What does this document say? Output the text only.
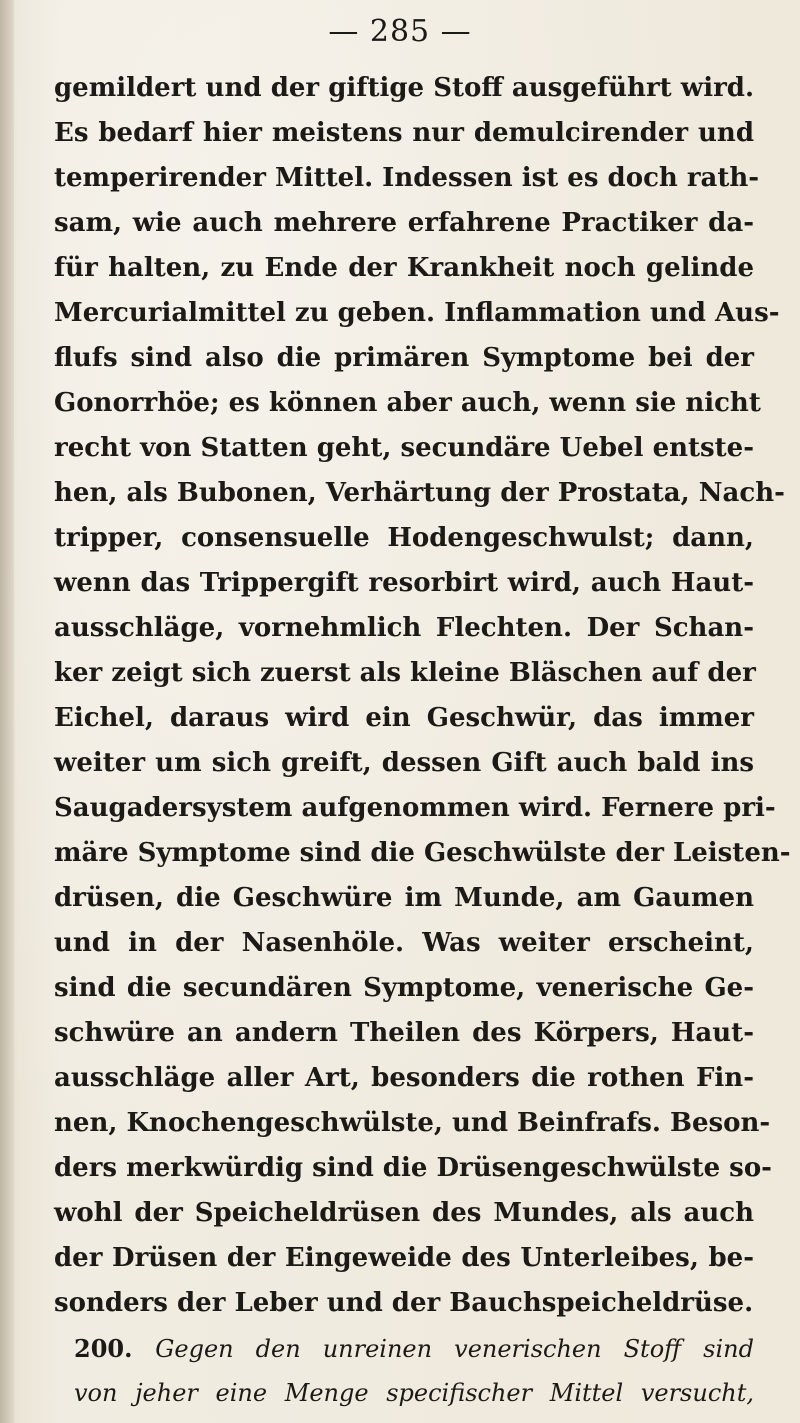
— 285 —
gemildert und der giftige Stoff ausgeführt wird.
Es bedarf hier meistens nur demulcirender und
temperirender Mittel. Indessen ist es doch rath-
sam, wie auch mehrere erfahrene Practiker da-
für halten, zu Ende der Krankheit noch gelinde
Mercurialmittel zu geben. Inflammation und Aus-
flufs sind also die primären Symptome bei der
Gonorrhöe; es können aber auch, wenn sie nicht
recht von Statten geht, secundäre Uebel entste-
hen, als Bubonen, Verhärtung der Prostata, Nach-
tripper, consensuelle Hodengeschwulst; dann,
wenn das Trippergift resorbirt wird, auch Haut-
ausschläge, vornehmlich Flechten. Der Schan-
ker zeigt sich zuerst als kleine Bläschen auf der
Eichel, daraus wird ein Geschwür, das immer
weiter um sich greift, dessen Gift auch bald ins
Saugadersystem aufgenommen wird. Fernere pri-
märe Symptome sind die Geschwülste der Leisten-
drüsen, die Geschwüre im Munde, am Gaumen
und in der Nasenhöle. Was weiter erscheint,
sind die secundären Symptome, venerische Ge-
schwüre an andern Theilen des Körpers, Haut-
ausschläge aller Art, besonders die rothen Fin-
nen, Knochengeschwülste, und Beinfrafs. Beson-
ders merkwürdig sind die Drüsengeschwülste so-
wohl der Speicheldrüsen des Mundes, als auch
der Drüsen der Eingeweide des Unterleibes, be-
sonders der Leber und der Bauchspeicheldrüse.
200. Gegen den unreinen venerischen Stoff sind
von jeher eine Menge specifischer Mittel versucht,
